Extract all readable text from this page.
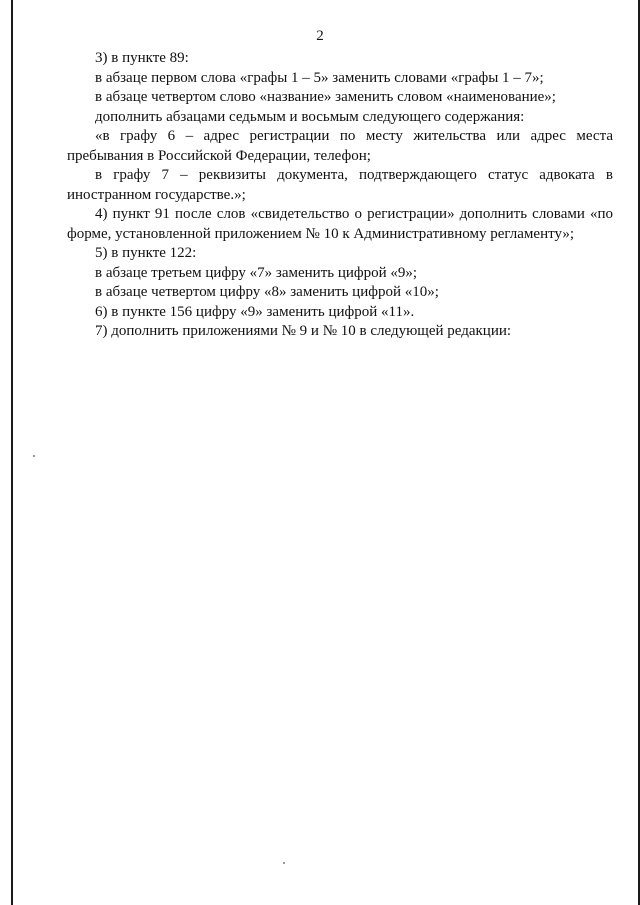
2

3) в пункте 89:

в абзаце первом слова «графы 1 – 5» заменить словами «графы 1 – 7»;

в абзаце четвертом слово «название» заменить словом «наименование»;

дополнить абзацами седьмым и восьмым следующего содержания:

«в графу 6 – адрес регистрации по месту жительства или адрес места пребывания в Российской Федерации, телефон;

в графу 7 – реквизиты документа, подтверждающего статус адвоката в иностранном государстве.»;

4) пункт 91 после слов «свидетельство о регистрации» дополнить словами «по форме, установленной приложением № 10 к Административному регламенту»;

5) в пункте 122:

в абзаце третьем цифру «7» заменить цифрой «9»;

в абзаце четвертом цифру «8» заменить цифрой «10»;

6) в пункте 156 цифру «9» заменить цифрой «11».

7) дополнить приложениями № 9 и № 10 в следующей редакции:
